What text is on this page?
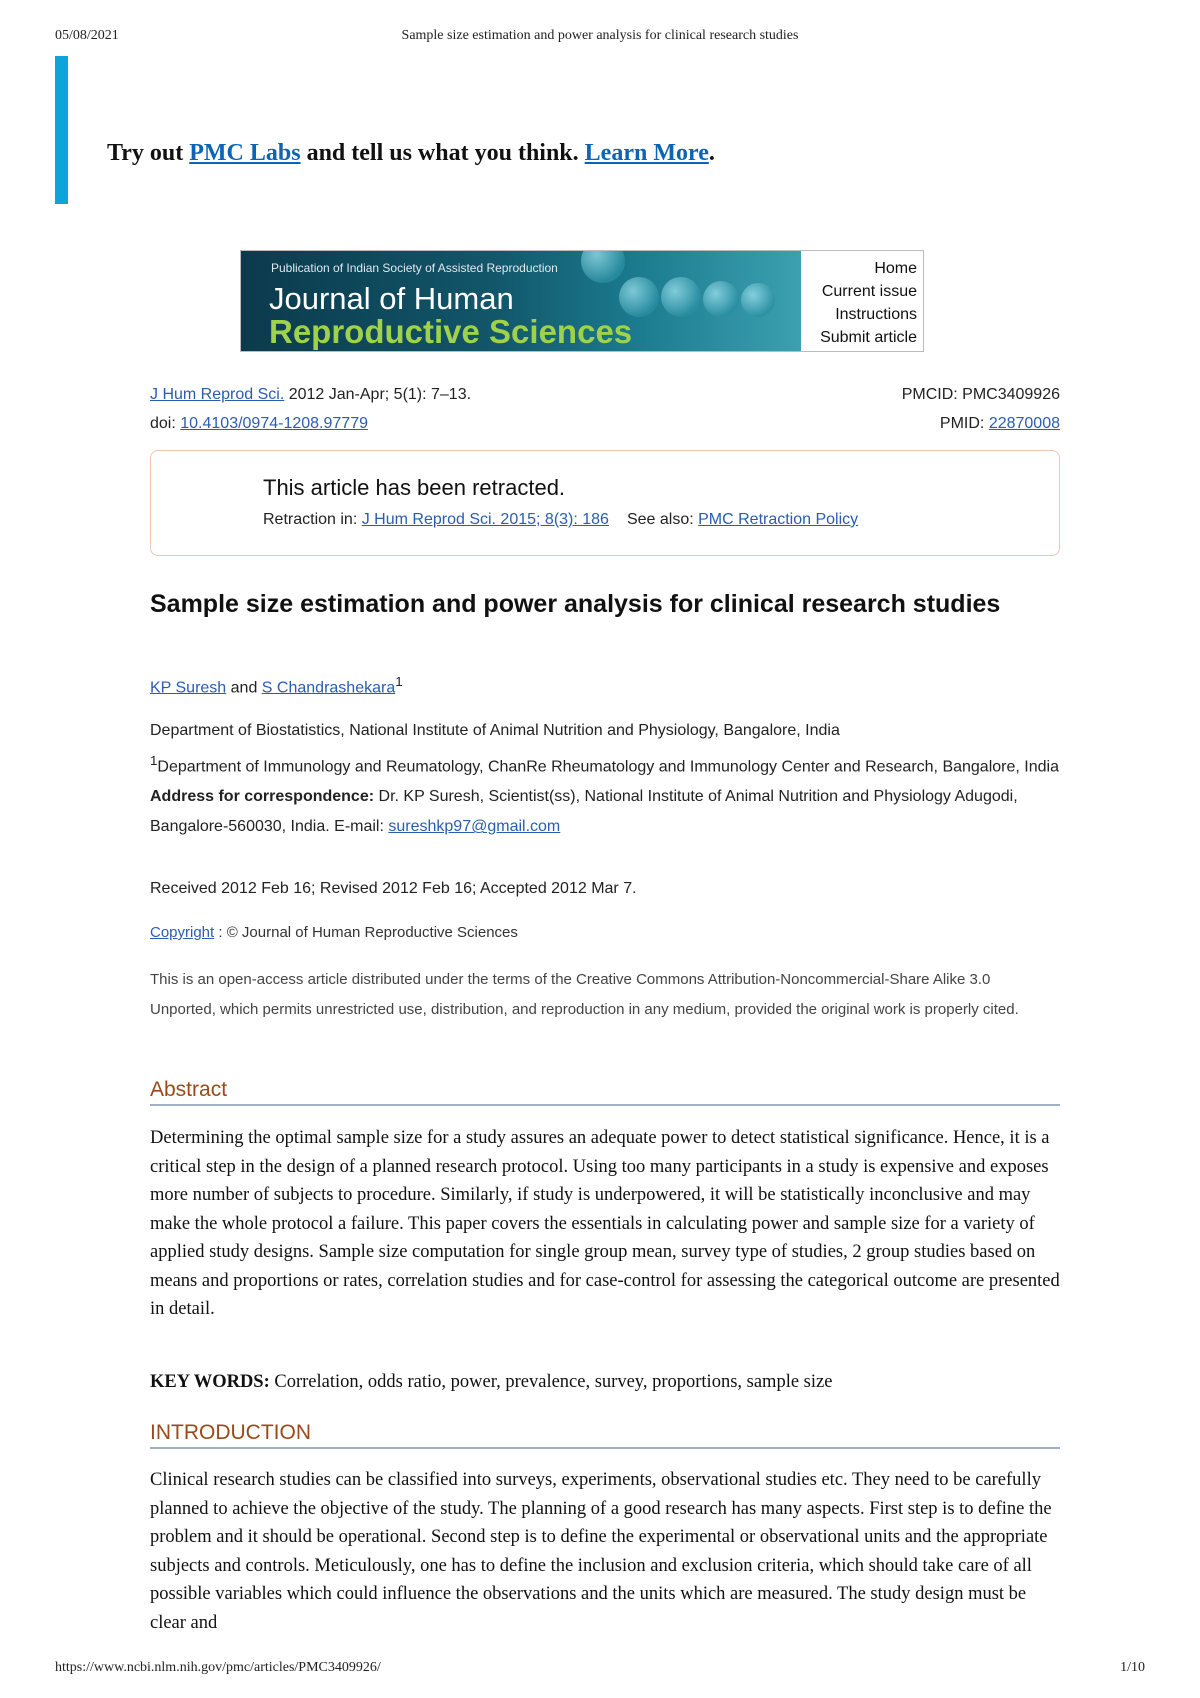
05/08/2021	Sample size estimation and power analysis for clinical research studies
Try out PMC Labs and tell us what you think. Learn More.
Publication of Indian Society of Assisted Reproduction
Journal of Human
Reproductive Sciences
Home
Current issue
Instructions
Submit article
J Hum Reprod Sci. 2012 Jan-Apr; 5(1): 7–13.
doi: 10.4103/0974-1208.97779
PMCID: PMC3409926
PMID: 22870008
This article has been retracted.
Retraction in: J Hum Reprod Sci. 2015; 8(3): 186 See also: PMC Retraction Policy
Sample size estimation and power analysis for clinical research studies
KP Suresh and S Chandrashekara$^1$

Department of Biostatistics, National Institute of Animal Nutrition and Physiology, Bangalore, India

$^1$Department of Immunology and Reumatology, ChanRe Rheumatology and Immunology Center and Research, Bangalore, India

Address for correspondence: Dr. KP Suresh, Scientist(ss), National Institute of Animal Nutrition and Physiology Adugodi, Bangalore-560030, India. E-mail: sureshkp97@gmail.com

Received 2012 Feb 16; Revised 2012 Feb 16; Accepted 2012 Mar 7.
Copyright : © Journal of Human Reproductive Sciences
This is an open-access article distributed under the terms of the Creative Commons Attribution-Noncommercial-Share Alike 3.0 Unported, which permits unrestricted use, distribution, and reproduction in any medium, provided the original work is properly cited.
Abstract

Determining the optimal sample size for a study assures an adequate power to detect statistical significance. Hence, it is a critical step in the design of a planned research protocol. Using too many participants in a study is expensive and exposes more number of subjects to procedure. Similarly, if study is underpowered, it will be statistically inconclusive and may make the whole protocol a failure. This paper covers the essentials in calculating power and sample size for a variety of applied study designs. Sample size computation for single group mean, survey type of studies, 2 group studies based on means and proportions or rates, correlation studies and for case-control for assessing the categorical outcome are presented in detail.

KEY WORDS: Correlation, odds ratio, power, prevalence, survey, proportions, sample size

INTRODUCTION

Clinical research studies can be classified into surveys, experiments, observational studies etc. They need to be carefully planned to achieve the objective of the study. The planning of a good research has many aspects. First step is to define the problem and it should be operational. Second step is to define the experimental or observational units and the appropriate subjects and controls. Meticulously, one has to define the inclusion and exclusion criteria, which should take care of all possible variables which could influence the observations and the units which are measured. The study design must be clear and

https://www.ncbi.nlm.nih.gov/pmc/articles/PMC3409926/	1/10
